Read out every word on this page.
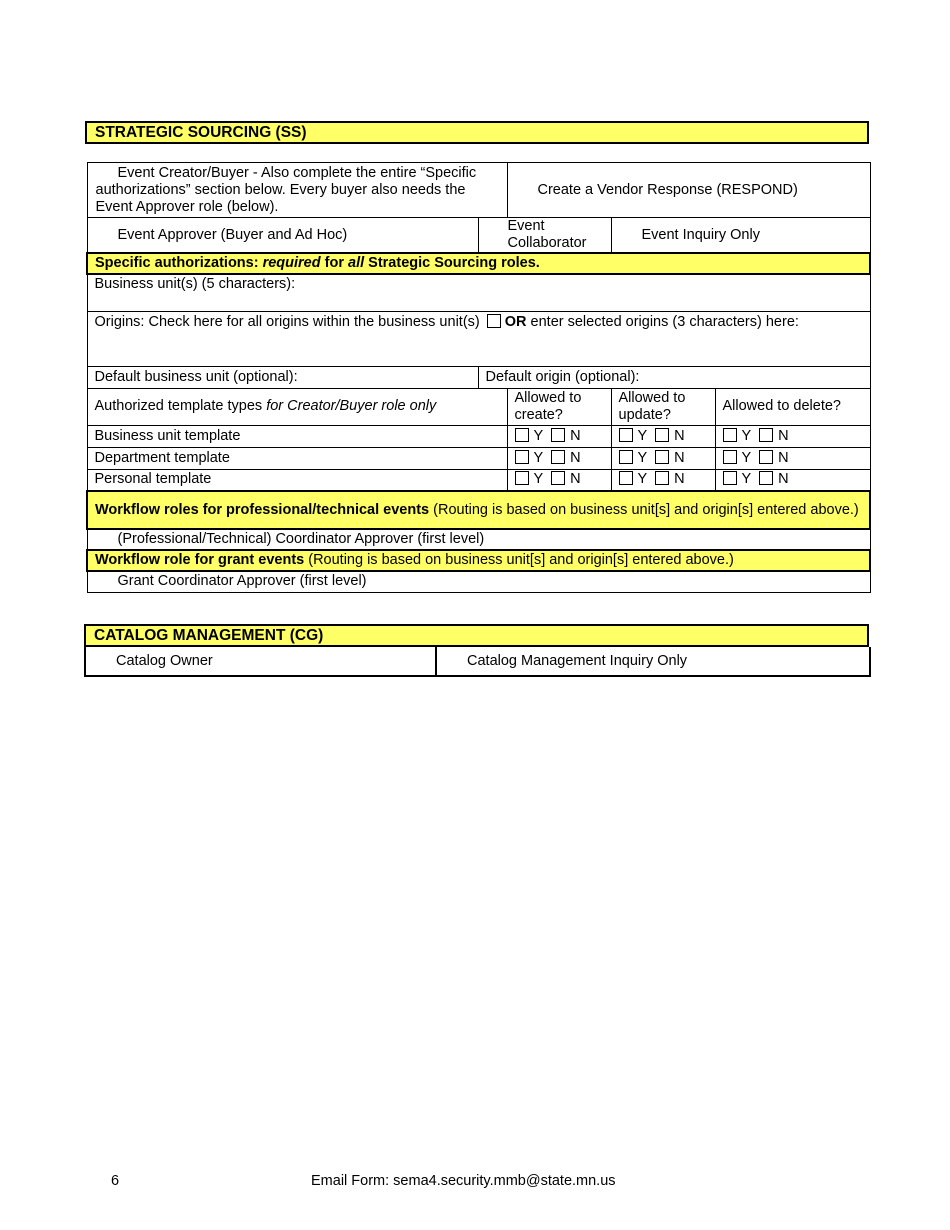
STRATEGIC SOURCING (SS)
Event Creator/Buyer - Also complete the entire “Specific authorizations” section below. Every buyer also needs the Event Approver role (below).		Create a Vendor Response (RESPOND)		
Event Approver (Buyer and Ad Hoc)	Event Collaborator		Event Inquiry Only	
Specific authorizations: required for all Strategic Sourcing roles.				
Business unit(s) (5 characters):				
Origins: Check here for all origins within the business unit(s) OR enter selected origins (3 characters) here:				
Default business unit (optional):	Default origin (optional):			
Authorized template types for Creator/Buyer role only		Allowed to create?	Allowed to update?	Allowed to delete?
Business unit template		Y N	Y N	Y N
Department template		Y N	Y N	Y N
Personal template		Y N	Y N	Y N
Workflow roles for professional/technical events (Routing is based on business unit[s] and origin[s] entered above.)				
(Professional/Technical) Coordinator Approver (first level)				
Workflow role for grant events (Routing is based on business unit[s] and origin[s] entered above.)				
Grant Coordinator Approver (first level)				
CATALOG MANAGEMENT (CG)
Catalog Owner	Catalog Management Inquiry Only
6	Email Form: sema4.security.mmb@state.mn.us
